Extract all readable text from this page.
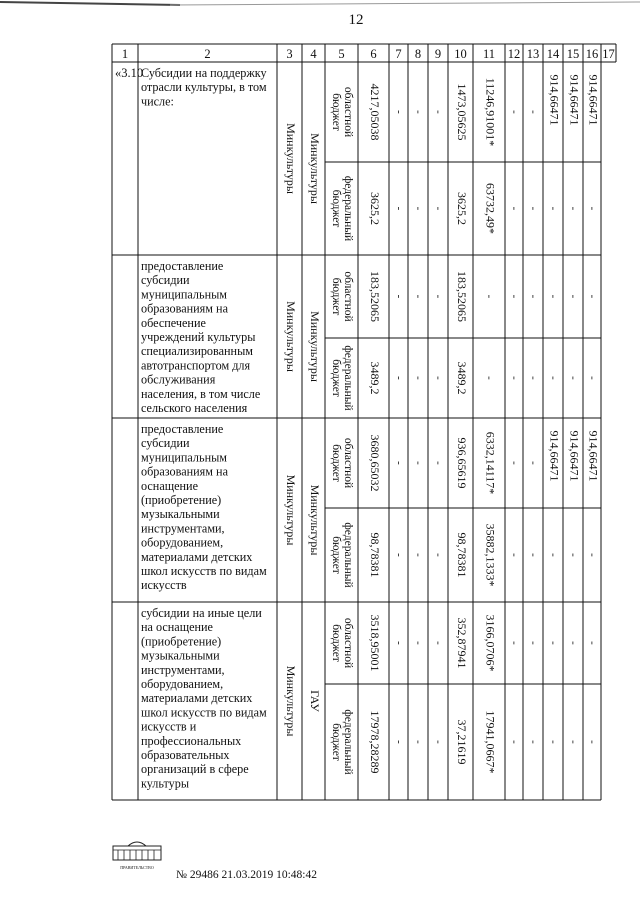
12
1	2	3 4 5 6 7 8 9 10 11 12 13 14 15 16 17
«3.10
Субсидии на поддержку
отрасли культуры, в том
числе:
Минкультуры Минкультуры
областной
бюджет 4217,05038 - - - 1473,05625 11246,91001* - - 914,66471 914,66471 914,66471
федеральный
бюджет 3625,2 - - - 3625,2 63732,49* - - - - -
предоставление
субсидии
муниципальным
образованиям на
обеспечение
учреждений культуры
специализированным
автотранспортом для
обслуживания
населения, в том числе
сельского населения
Минкультуры Минкультуры
областной
бюджет 183,52065 - - - 183,52065 - - - - - -
федеральный
бюджет 3489,2 - - - 3489,2 - - - - - -
предоставление
субсидии
муниципальным
образованиям на
оснащение
(приобретение)
музыкальными
инструментами,
оборудованием,
материалами детских
школ искусств по видам
искусств
Минкультуры Минкультуры
областной
бюджет 3680,65032 - - - 936,65619 6332,14117* - - 914,66471 914,66471 914,66471
федеральный
бюджет 98,78381 - - - 98,78381 35882,1333* - - - - -
субсидии на иные цели
на оснащение
(приобретение)
музыкальными
инструментами,
оборудованием,
материалами детских
школ искусств по видам
искусств и
профессиональных
образовательных
организаций в сфере
культуры
Минкультуры ГАУ
областной
бюджет 3518,95001 - - - 352,87941 3166,0706* - - - - -
федеральный
бюджет 17978,28289 - - - 37,21619 17941,0667* - - - - -
ПРАВИТЕЛЬСТВО
№ 29486 21.03.2019 10:48:42
